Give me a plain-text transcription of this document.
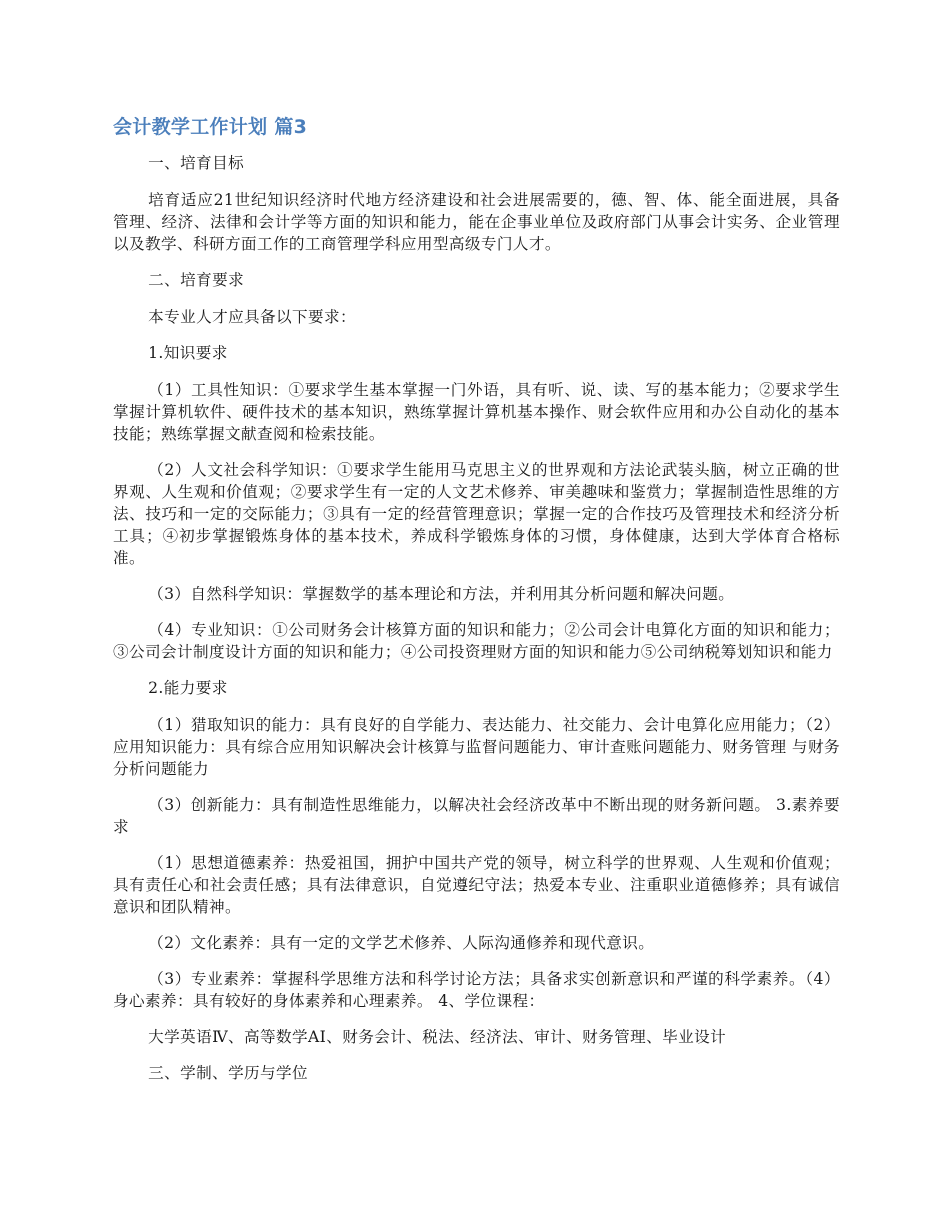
会计教学工作计划 篇3

一、培育目标

培育适应21世纪知识经济时代地方经济建设和社会进展需要的，德、智、体、能全面进展，具备管理、经济、法律和会计学等方面的知识和能力，能在企事业单位及政府部门从事会计实务、企业管理以及教学、科研方面工作的工商管理学科应用型高级专门人才。

二、培育要求

本专业人才应具备以下要求：

1.知识要求

（1）工具性知识：①要求学生基本掌握一门外语，具有听、说、读、写的基本能力；②要求学生掌握计算机软件、硬件技术的基本知识，熟练掌握计算机基本操作、财会软件应用和办公自动化的基本技能；熟练掌握文献查阅和检索技能。

（2）人文社会科学知识：①要求学生能用马克思主义的世界观和方法论武装头脑，树立正确的世界观、人生观和价值观；②要求学生有一定的人文艺术修养、审美趣味和鉴赏力；掌握制造性思维的方法、技巧和一定的交际能力；③具有一定的经营管理意识；掌握一定的合作技巧及管理技术和经济分析工具；④初步掌握锻炼身体的基本技术，养成科学锻炼身体的习惯，身体健康，达到大学体育合格标准。

（3）自然科学知识：掌握数学的基本理论和方法，并利用其分析问题和解决问题。

（4）专业知识：①公司财务会计核算方面的知识和能力；②公司会计电算化方面的知识和能力；③公司会计制度设计方面的知识和能力；④公司投资理财方面的知识和能力⑤公司纳税筹划知识和能力

2.能力要求

（1）猎取知识的能力：具有良好的自学能力、表达能力、社交能力、会计电算化应用能力；（2）应用知识能力：具有综合应用知识解决会计核算与监督问题能力、审计查账问题能力、财务管理 与财务分析问题能力

（3）创新能力：具有制造性思维能力，以解决社会经济改革中不断出现的财务新问题。 3.素养要求

（1）思想道德素养：热爱祖国，拥护中国共产党的领导，树立科学的世界观、人生观和价值观；具有责任心和社会责任感；具有法律意识，自觉遵纪守法；热爱本专业、注重职业道德修养；具有诚信意识和团队精神。

（2）文化素养：具有一定的文学艺术修养、人际沟通修养和现代意识。

（3）专业素养：掌握科学思维方法和科学讨论方法；具备求实创新意识和严谨的科学素养。（4）身心素养：具有较好的身体素养和心理素养。 4、学位课程：

大学英语Ⅳ、高等数学AI、财务会计、税法、经济法、审计、财务管理、毕业设计

三、学制、学历与学位
